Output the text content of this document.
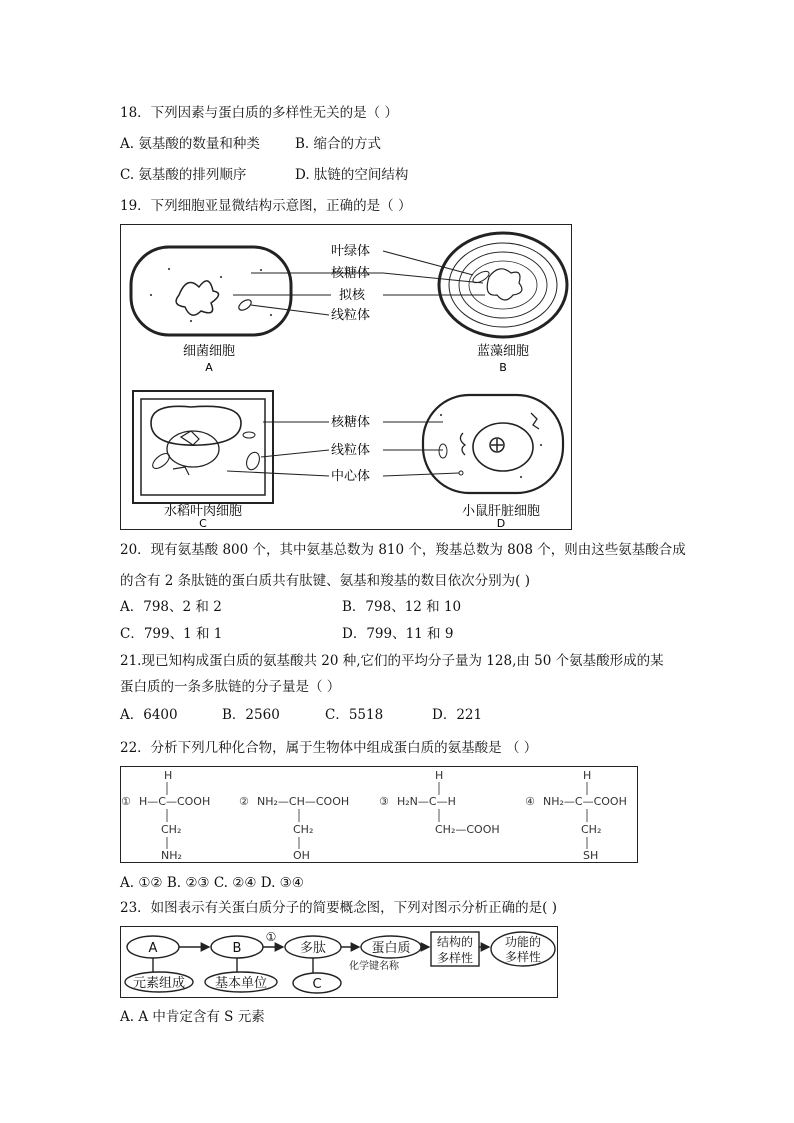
18．下列因素与蛋白质的多样性无关的是（ ）
A. 氨基酸的数量和种类	B. 缩合的方式
C. 氨基酸的排列顺序	D. 肽链的空间结构
19．下列细胞亚显微结构示意图，正确的是（ ）
细菌细胞
A
蓝藻细胞
B
叶绿体
核糖体
拟核
线粒体
水稻叶肉细胞
C
小鼠肝脏细胞
D
核糖体
线粒体
中心体
20．现有氨基酸 800 个，其中氨基总数为 810 个，羧基总数为 808 个，则由这些氨基酸合成
的含有 2 条肽链的蛋白质共有肽键、氨基和羧基的数目依次分别为( )
A．798、2 和 2	B．798、12 和 10
C．799、1 和 1	D．799、11 和 9
21.现已知构成蛋白质的氨基酸共 20 种,它们的平均分子量为 128,由 50 个氨基酸形成的某
蛋白质的一条多肽链的分子量是（ ）
A．6400	B．2560	C．5518	D．221
22．分析下列几种化合物，属于生物体中组成蛋白质的氨基酸是 （ ）
① H—C—COOH
H
CH₂
NH₂
② NH₂—CH—COOH
CH₂
OH
③ H₂N—C—H
H
CH₂—COOH
④ NH₂—C—COOH
H
CH₂
SH
A. ①② B. ②③ C. ②④ D. ③④
23．如图表示有关蛋白质分子的简要概念图，下列对图示分析正确的是( )
A	B
①
多肽	蛋白质 结构的
多样性
功能的
多样性
元素组成 基本单位	C
化学键名称
A. A 中肯定含有 S 元素
